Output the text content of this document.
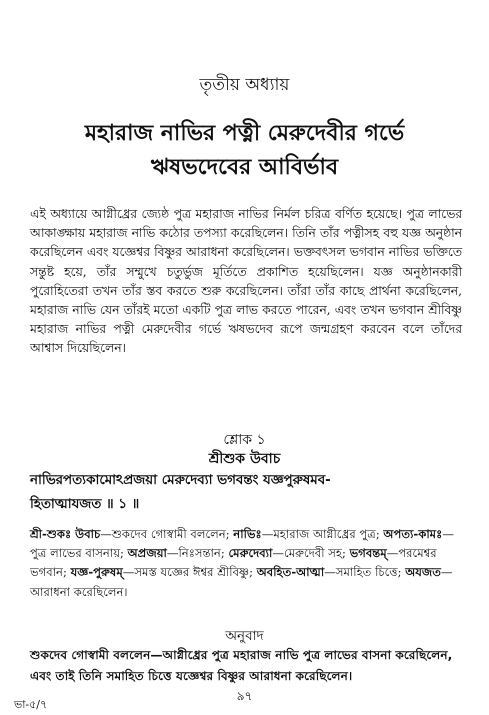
তৃতীয় অধ্যায়
মহারাজ নাভির পত্নী মেরুদেবীর গর্ভে
ঋষভদেবের আবির্ভাব

এই অধ্যায়ে আগ্নীধ্রের জ্যেষ্ঠ পুত্র মহারাজ নাভির নির্মল চরিত্র বর্ণিত হয়েছে। পুত্র লাভের আকাঙ্ক্ষায় মহারাজ নাভি কঠোর তপস্যা করেছিলেন। তিনি তাঁর পত্নীসহ বহু যজ্ঞ অনুষ্ঠান করেছিলেন এবং যজ্ঞেশ্বর বিষ্ণুর আরাধনা করেছিলেন। ভক্তবৎসল ভগবান নাভির ভক্তিতে সন্তুষ্ট হয়ে, তাঁর সম্মুখে চতুর্ভুজ মূর্তিতে প্রকাশিত হয়েছিলেন। যজ্ঞ অনুষ্ঠানকারী পুরোহিতেরা তখন তাঁর স্তব করতে শুরু করেছিলেন। তাঁরা তাঁর কাছে প্রার্থনা করেছিলেন, মহারাজ নাভি যেন তাঁরই মতো একটি পুত্র লাভ করতে পারেন, এবং তখন ভগবান শ্রীবিষ্ণু মহারাজ নাভির পত্নী মেরুদেবীর গর্ভে ঋষভদেব রূপে জন্মগ্রহণ করবেন বলে তাঁদের আশ্বাস দিয়েছিলেন।

শ্লোক ১
শ্রীশুক উবাচ
নাভিরপত্যকামোঽপ্রজয়া মেরুদেব্যা ভগবন্তং যজ্ঞপুরুষমব-
হিতাত্মাযজত ॥ ১ ॥

শ্রী-শুকঃ উবাচ—শুকদেব গোস্বামী বললেন; নাভিঃ—মহারাজ আগ্নীধ্রের পুত্র; অপত্য-কামঃ—পুত্র লাভের বাসনায়; অপ্রজয়া—নিঃসন্তান; মেরুদেব্যা—মেরুদেবী সহ; ভগবন্তম্—পরমেশ্বর ভগবান; যজ্ঞ-পুরুষম্—সমস্ত যজ্ঞের ঈশ্বর শ্রীবিষ্ণু; অবহিত-আত্মা—সমাহিত চিত্তে; অযজত—আরাধনা করেছিলেন।

অনুবাদ

শুকদেব গোস্বামী বললেন—আগ্নীধ্রের পুত্র মহারাজ নাভি পুত্র লাভের বাসনা করেছিলেন, এবং তাই তিনি সমাহিত চিত্তে যজ্ঞেশ্বর বিষ্ণুর আরাধনা করেছিলেন।

৯৭
ভা-৫/৭
